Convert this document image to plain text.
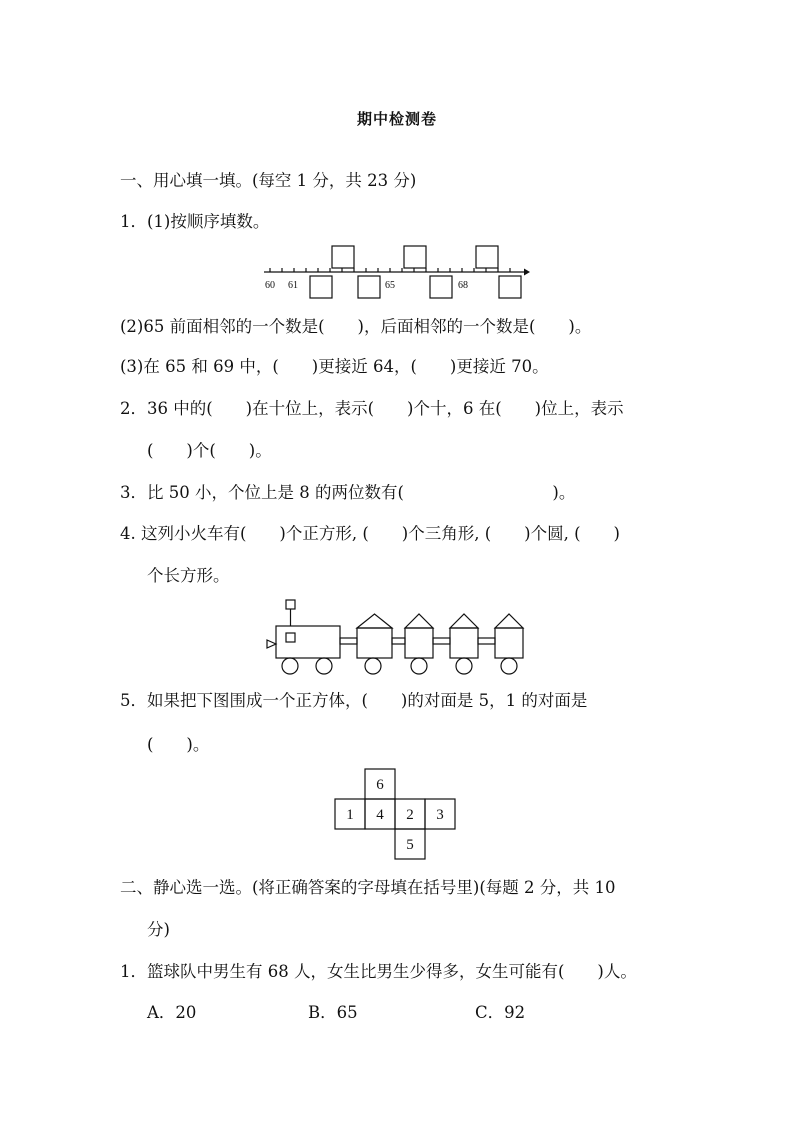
期中检测卷
一、用心填一填。(每空 1 分，共 23 分)
1．(1)按顺序填数。
60 61	65	68
(2)65 前面相邻的一个数是(　　)，后面相邻的一个数是(　　)。
(3)在 65 和 69 中，(　　)更接近 64，(　　)更接近 70。
2．36 中的(　　)在十位上，表示(　　)个十，6 在(　　)位上，表示
(　　)个(　　)。
3．比 50 小，个位上是 8 的两位数有(　　　　　　　　　)。
4. 这列小火车有(　　)个正方形, (　　)个三角形, (　　)个圆, (　　)
个长方形。
5．如果把下图围成一个正方体，(　　)的对面是 5，1 的对面是
(　　)。
6
1 4 2 3
5
二、静心选一选。(将正确答案的字母填在括号里)(每题 2 分，共 10
分)
1．篮球队中男生有 68 人，女生比男生少得多，女生可能有(　　)人。
A．20	B．65	C．92
